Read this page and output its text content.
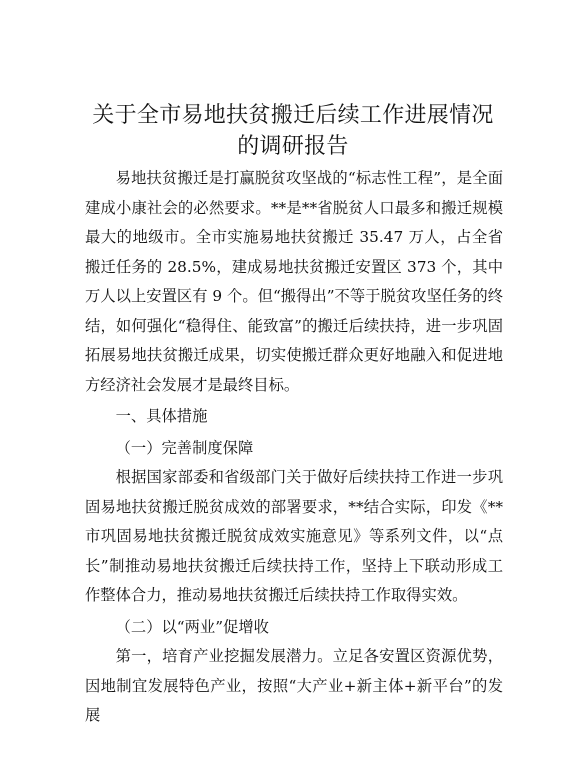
关于全市易地扶贫搬迁后续工作进展情况的调研报告

易地扶贫搬迁是打赢脱贫攻坚战的“标志性工程”，是全面建成小康社会的必然要求。**是**省脱贫人口最多和搬迁规模最大的地级市。全市实施易地扶贫搬迁 35.47 万人，占全省搬迁任务的 28.5%，建成易地扶贫搬迁安置区 373 个，其中万人以上安置区有 9 个。但“搬得出”不等于脱贫攻坚任务的终结，如何强化“稳得住、能致富”的搬迁后续扶持，进一步巩固拓展易地扶贫搬迁成果，切实使搬迁群众更好地融入和促进地方经济社会发展才是最终目标。

一、具体措施

（一）完善制度保障

根据国家部委和省级部门关于做好后续扶持工作进一步巩固易地扶贫搬迁脱贫成效的部署要求，**结合实际，印发《**市巩固易地扶贫搬迁脱贫成效实施意见》等系列文件，以“点长”制推动易地扶贫搬迁后续扶持工作，坚持上下联动形成工作整体合力，推动易地扶贫搬迁后续扶持工作取得实效。

（二）以“两业”促增收

第一，培育产业挖掘发展潜力。立足各安置区资源优势，因地制宜发展特色产业，按照“大产业+新主体+新平台”的发展
